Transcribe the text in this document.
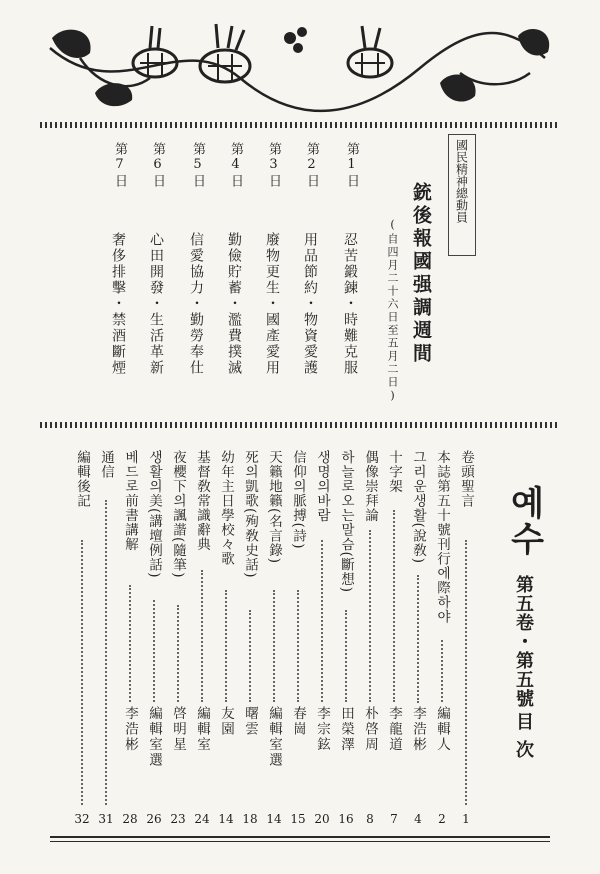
國民精神總動員
銃後報國强調週間
(自四月二十六日至五月二日)
第1日
忍苦鍛鍊・時難克服
第2日
用品節約・物資愛護
第3日
廢物更生・國產愛用
第4日
勤儉貯蓄・濫費撲滅
第5日
信愛協力・勤勞奉仕
第6日
心田開發・生活革新
第7日
奢侈排擊・禁酒斷煙
예수
第五卷・第五號
目次
卷頭聖言
本誌第五十號刊行에際하야
그리운생활(說敎)
十字架
偶像崇拜論
하늘로오는말슴(斷想)
생명의바람
信仰의脈搏(詩)
天籟地籟(名言錄)
死의凱歌(殉敎史話)
幼年主日學校々歌
基督敎常識辭典
夜櫻下의諷諧(隨筆)
생활의美(講壇例話)
베드로前書講解
通信
編輯後記
編輯人
李浩彬
李龍道
朴啓周
田榮澤
李宗鉉
春崗
編輯室選
曙雲
友園
編輯室
啓明星
編輯室選
李浩彬
1
2
4
7
8
16
20
15
14
18
14
24
23
26
28
31
32
